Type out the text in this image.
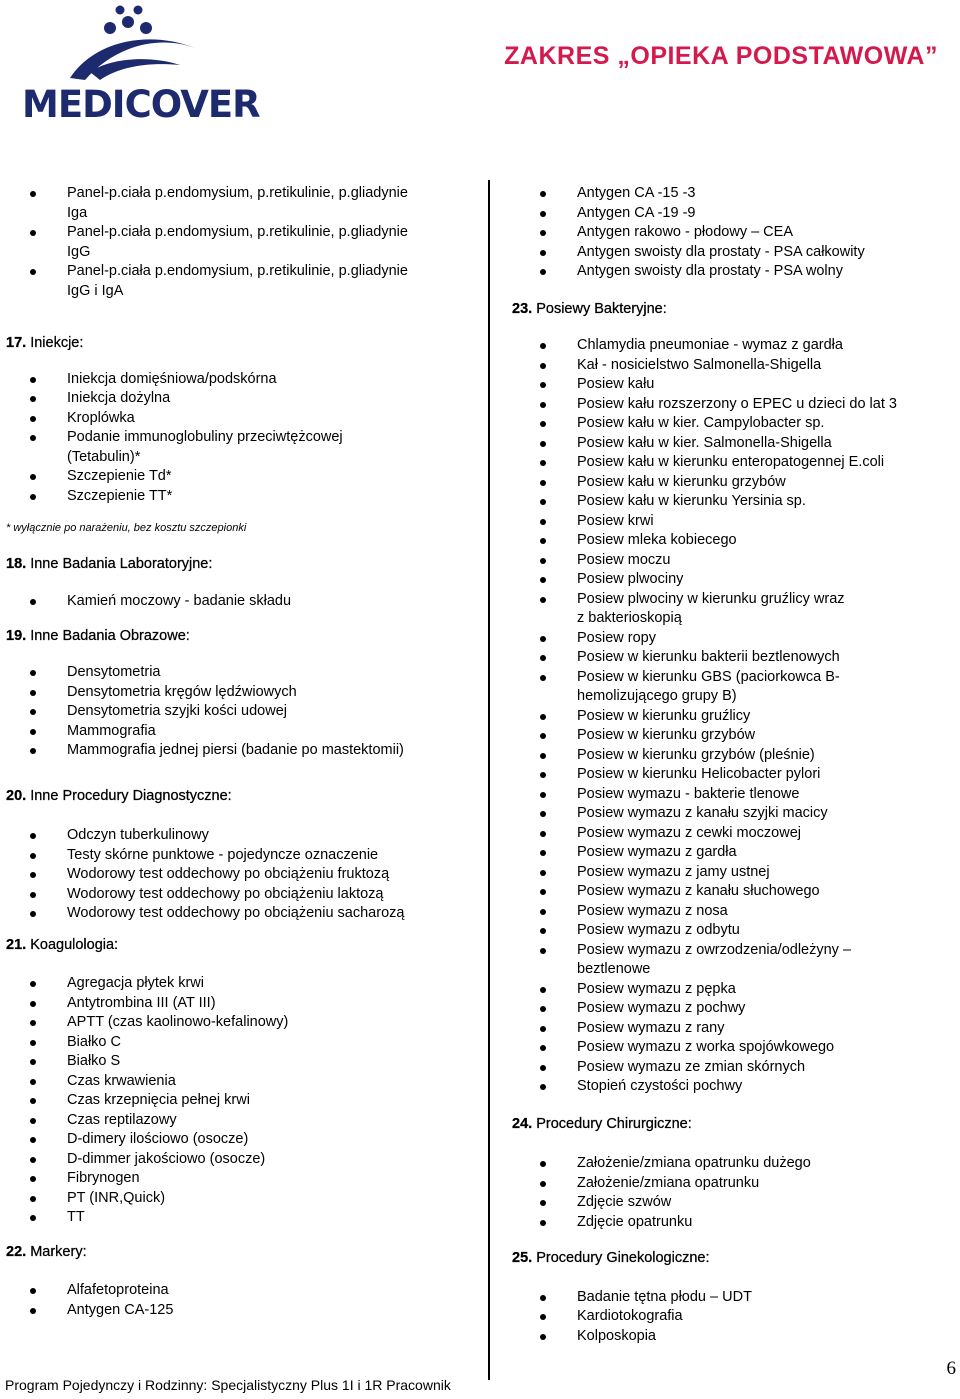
MEDICOVER
ZAKRES „OPIEKA PODSTAWOWA”
Panel-p.ciała p.endomysium, p.retikulinie, p.gliadynie
Iga
Panel-p.ciała p.endomysium, p.retikulinie, p.gliadynie
IgG
Panel-p.ciała p.endomysium, p.retikulinie, p.gliadynie
IgG i IgA
17. Iniekcje:
Iniekcja domięśniowa/podskórna
Iniekcja dożylna
Kroplówka
Podanie immunoglobuliny przeciwtężcowej
(Tetabulin)*
Szczepienie Td*
Szczepienie TT*
* wyłącznie po narażeniu, bez kosztu szczepionki
18. Inne Badania Laboratoryjne:
Kamień moczowy - badanie składu
19. Inne Badania Obrazowe:
Densytometria
Densytometria kręgów lędźwiowych
Densytometria szyjki kości udowej
Mammografia
Mammografia jednej piersi (badanie po mastektomii)
20. Inne Procedury Diagnostyczne:
Odczyn tuberkulinowy
Testy skórne punktowe - pojedyncze oznaczenie
Wodorowy test oddechowy po obciążeniu fruktozą
Wodorowy test oddechowy po obciążeniu laktozą
Wodorowy test oddechowy po obciążeniu sacharozą
21. Koagulologia:
Agregacja płytek krwi
Antytrombina III (AT III)
APTT (czas kaolinowo-kefalinowy)
Białko C
Białko S
Czas krwawienia
Czas krzepnięcia pełnej krwi
Czas reptilazowy
D-dimery ilościowo (osocze)
D-dimmer jakościowo (osocze)
Fibrynogen
PT (INR,Quick)
TT
22. Markery:
Alfafetoproteina
Antygen CA-125
Antygen CA -15 -3
Antygen CA -19 -9
Antygen rakowo - płodowy – CEA
Antygen swoisty dla prostaty - PSA całkowity
Antygen swoisty dla prostaty - PSA wolny
23. Posiewy Bakteryjne:
Chlamydia pneumoniae - wymaz z gardła
Kał - nosicielstwo Salmonella-Shigella
Posiew kału
Posiew kału rozszerzony o EPEC u dzieci do lat 3
Posiew kału w kier. Campylobacter sp.
Posiew kału w kier. Salmonella-Shigella
Posiew kału w kierunku enteropatogennej E.coli
Posiew kału w kierunku grzybów
Posiew kału w kierunku Yersinia sp.
Posiew krwi
Posiew mleka kobiecego
Posiew moczu
Posiew plwociny
Posiew plwociny w kierunku gruźlicy wraz
z bakterioskopią
Posiew ropy
Posiew w kierunku bakterii beztlenowych
Posiew w kierunku GBS (paciorkowca B-
hemolizującego grupy B)
Posiew w kierunku gruźlicy
Posiew w kierunku grzybów
Posiew w kierunku grzybów (pleśnie)
Posiew w kierunku Helicobacter pylori
Posiew wymazu - bakterie tlenowe
Posiew wymazu z kanału szyjki macicy
Posiew wymazu z cewki moczowej
Posiew wymazu z gardła
Posiew wymazu z jamy ustnej
Posiew wymazu z kanału słuchowego
Posiew wymazu z nosa
Posiew wymazu z odbytu
Posiew wymazu z owrzodzenia/odleżyny –
beztlenowe
Posiew wymazu z pępka
Posiew wymazu z pochwy
Posiew wymazu z rany
Posiew wymazu z worka spojówkowego
Posiew wymazu ze zmian skórnych
Stopień czystości pochwy
24. Procedury Chirurgiczne:
Założenie/zmiana opatrunku dużego
Założenie/zmiana opatrunku
Zdjęcie szwów
Zdjęcie opatrunku
25. Procedury Ginekologiczne:
Badanie tętna płodu – UDT
Kardiotokografia
Kolposkopia
Program Pojedynczy i Rodzinny: Specjalistyczny Plus 1I i 1R Pracownik
6
